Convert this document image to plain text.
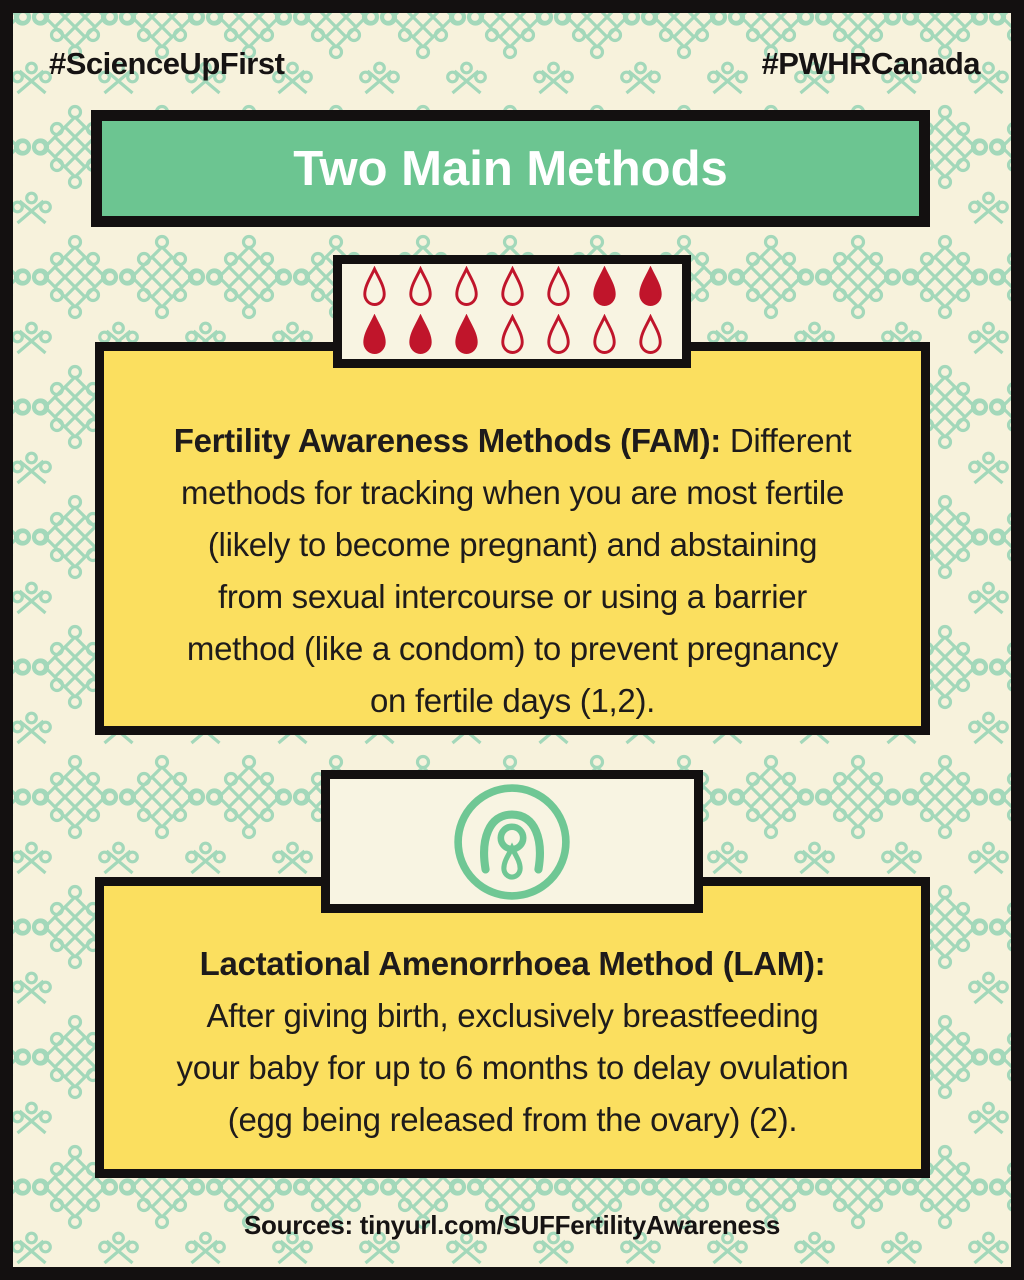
#ScienceUpFirst	#PWHRCanada
Two Main Methods

Fertility Awareness Methods (FAM): Different

methods for tracking when you are most fertile

(likely to become pregnant) and abstaining

from sexual intercourse or using a barrier

method (like a condom) to prevent pregnancy

on fertile days (1,2).

Lactational Amenorrhoea Method (LAM):

After giving birth, exclusively breastfeeding

your baby for up to 6 months to delay ovulation

(egg being released from the ovary) (2).

Sources: tinyurl.com/SUFFertilityAwareness
